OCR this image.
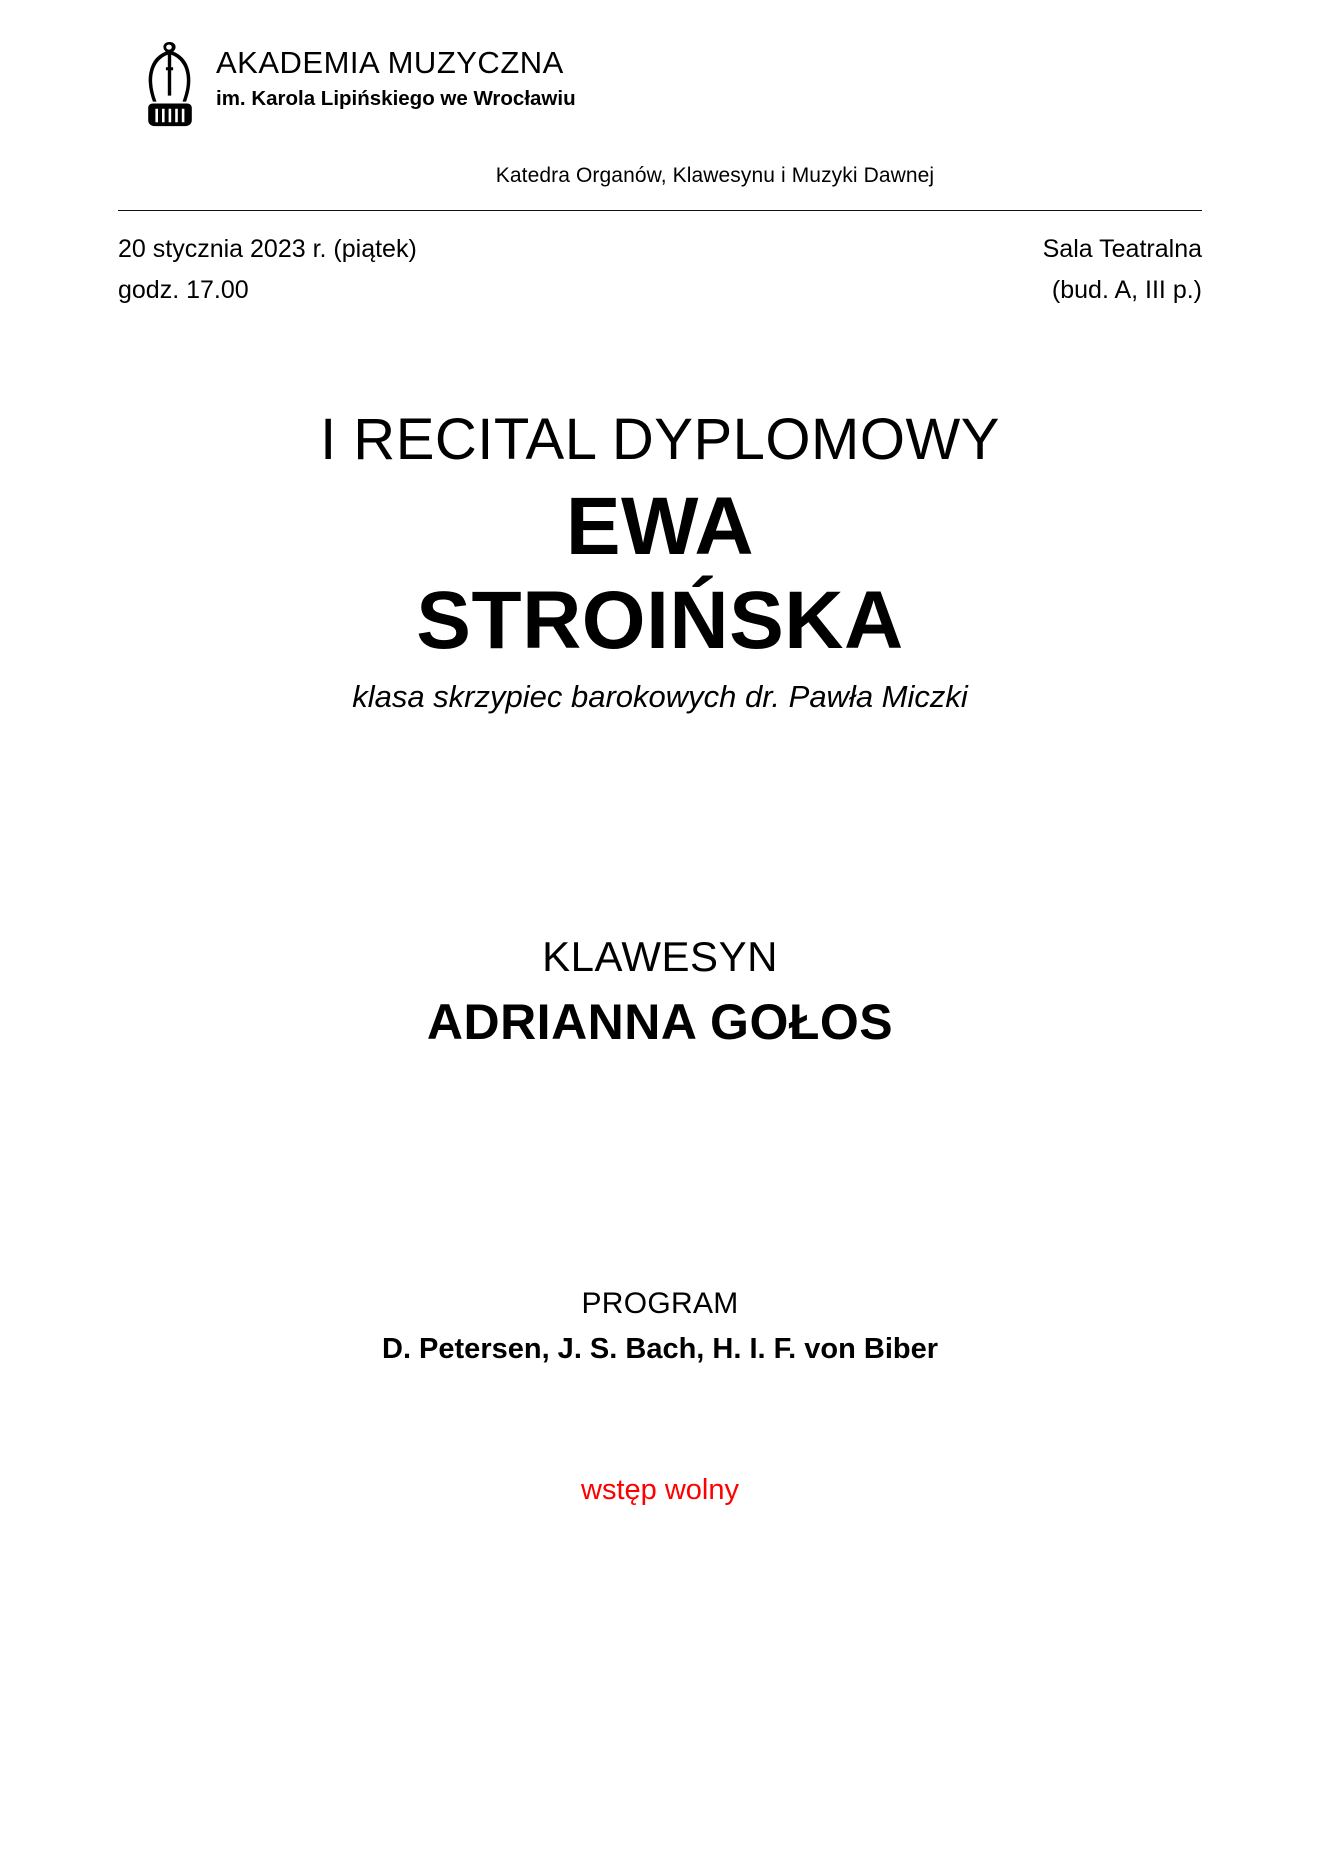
AKADEMIA MUZYCZNA
im. Karola Lipińskiego we Wrocławiu
Katedra Organów, Klawesynu i Muzyki Dawnej
20 stycznia 2023 r. (piątek)
godz. 17.00
Sala Teatralna
(bud. A, III p.)
I RECITAL DYPLOMOWY
EWA
STROIŃSKA
klasa skrzypiec barokowych dr. Pawła Miczki
KLAWESYN
ADRIANNA GOŁOS
PROGRAM
D. Petersen, J. S. Bach, H. I. F. von Biber
wstęp wolny
